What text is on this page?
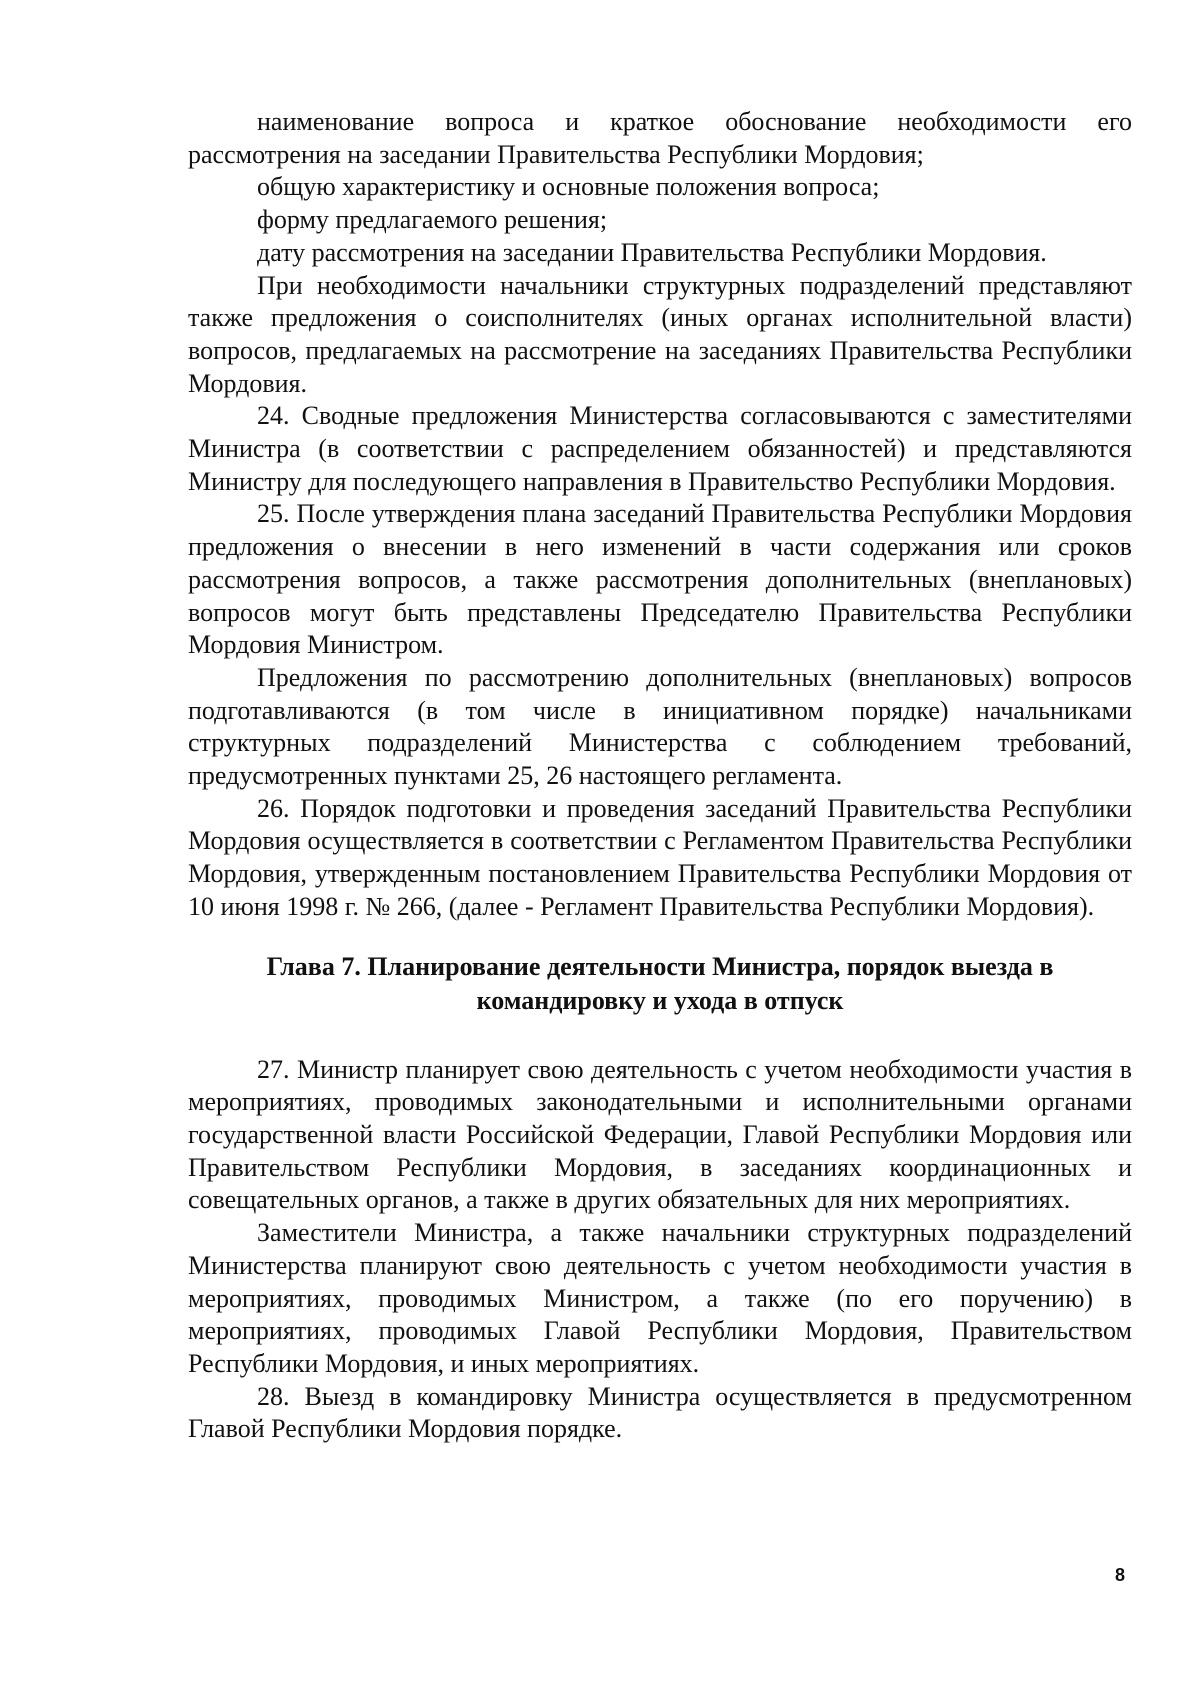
наименование вопроса и краткое обоснование необходимости его рассмотрения на заседании Правительства Республики Мордовия;

общую характеристику и основные положения вопроса;

форму предлагаемого решения;

дату рассмотрения на заседании Правительства Республики Мордовия.

При необходимости начальники структурных подразделений представляют также предложения о соисполнителях (иных органах исполнительной власти) вопросов, предлагаемых на рассмотрение на заседаниях Правительства Республики Мордовия.

24. Сводные предложения Министерства согласовываются с заместителями Министра (в соответствии с распределением обязанностей) и представляются Министру для последующего направления в Правительство Республики Мордовия.

25. После утверждения плана заседаний Правительства Республики Мордовия предложения о внесении в него изменений в части содержания или сроков рассмотрения вопросов, а также рассмотрения дополнительных (внеплановых) вопросов могут быть представлены Председателю Правительства Республики Мордовия Министром.

Предложения по рассмотрению дополнительных (внеплановых) вопросов подготавливаются (в том числе в инициативном порядке) начальниками структурных подразделений Министерства с соблюдением требований, предусмотренных пунктами 25, 26 настоящего регламента.

26. Порядок подготовки и проведения заседаний Правительства Республики Мордовия осуществляется в соответствии с Регламентом Правительства Республики Мордовия, утвержденным постановлением Правительства Республики Мордовия от 10 июня 1998 г. № 266, (далее - Регламент Правительства Республики Мордовия).

Глава 7. Планирование деятельности Министра, порядок выезда в
командировку и ухода в отпуск

27. Министр планирует свою деятельность с учетом необходимости участия в мероприятиях, проводимых законодательными и исполнительными органами государственной власти Российской Федерации, Главой Республики Мордовия или Правительством Республики Мордовия, в заседаниях координационных и совещательных органов, а также в других обязательных для них мероприятиях.

Заместители Министра, а также начальники структурных подразделений Министерства планируют свою деятельность с учетом необходимости участия в мероприятиях, проводимых Министром, а также (по его поручению) в мероприятиях, проводимых Главой Республики Мордовия, Правительством Республики Мордовия, и иных мероприятиях.

28. Выезд в командировку Министра осуществляется в предусмотренном Главой Республики Мордовия порядке.

8
